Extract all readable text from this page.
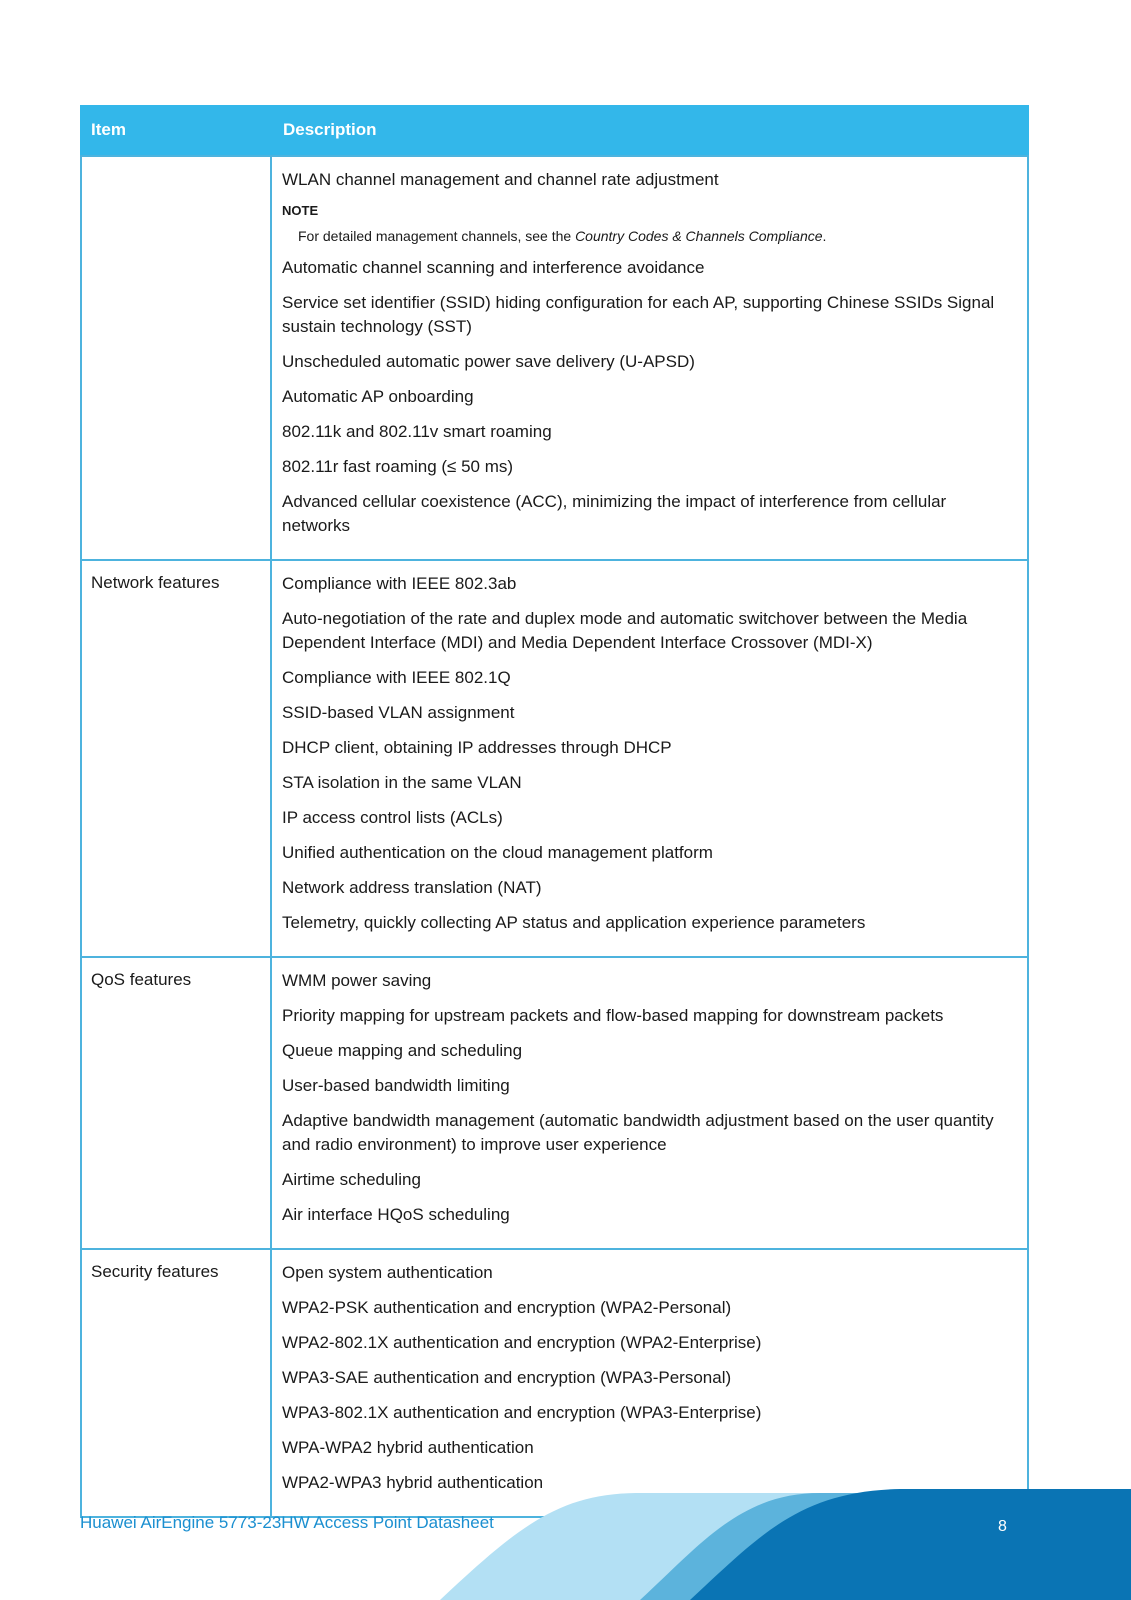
Item	Description
WLAN channel management and channel rate adjustment
NOTE
For detailed management channels, see the Country Codes & Channels Compliance.
Automatic channel scanning and interference avoidance
Service set identifier (SSID) hiding configuration for each AP, supporting Chinese SSIDs Signal sustain technology (SST)
Unscheduled automatic power save delivery (U-APSD)
Automatic AP onboarding
802.11k and 802.11v smart roaming
802.11r fast roaming (≤ 50 ms)
Advanced cellular coexistence (ACC), minimizing the impact of interference from cellular networks
Network features	Compliance with IEEE 802.3ab
Auto-negotiation of the rate and duplex mode and automatic switchover between the Media Dependent Interface (MDI) and Media Dependent Interface Crossover (MDI-X)
Compliance with IEEE 802.1Q
SSID-based VLAN assignment
DHCP client, obtaining IP addresses through DHCP
STA isolation in the same VLAN
IP access control lists (ACLs)
Unified authentication on the cloud management platform
Network address translation (NAT)
Telemetry, quickly collecting AP status and application experience parameters
QoS features	WMM power saving
Priority mapping for upstream packets and flow-based mapping for downstream packets
Queue mapping and scheduling
User-based bandwidth limiting
Adaptive bandwidth management (automatic bandwidth adjustment based on the user quantity and radio environment) to improve user experience
Airtime scheduling
Air interface HQoS scheduling
Security features	Open system authentication
WPA2-PSK authentication and encryption (WPA2-Personal)
WPA2-802.1X authentication and encryption (WPA2-Enterprise)
WPA3-SAE authentication and encryption (WPA3-Personal)
WPA3-802.1X authentication and encryption (WPA3-Enterprise)
WPA-WPA2 hybrid authentication
WPA2-WPA3 hybrid authentication
Huawei AirEngine 5773-23HW Access Point Datasheet	8
